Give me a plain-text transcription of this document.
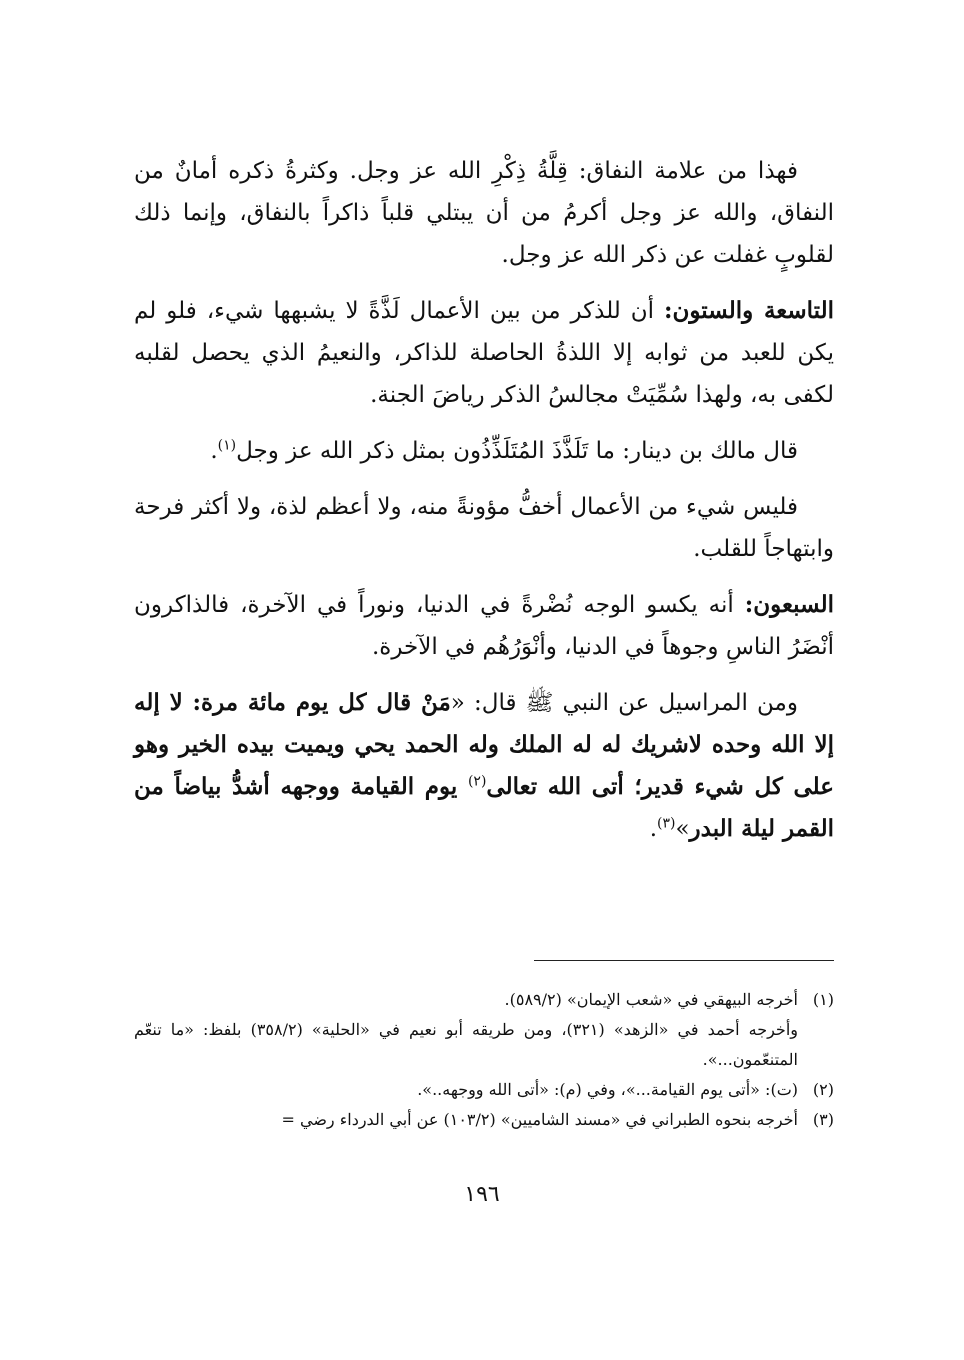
فهذا من علامة النفاق: قِلَّةُ ذِكْرِ الله عز وجل. وكثرةُ ذكره أمانٌ من النفاق، والله عز وجل أكرمُ من أن يبتلي قلباً ذاكراً بالنفاق، وإنما ذلك لقلوبٍ غفلت عن ذكر الله عز وجل.

التاسعة والستون: أن للذكر من بين الأعمال لَذَّةً لا يشبهها شيء، فلو لم يكن للعبد من ثوابه إلا اللذةُ الحاصلة للذاكر، والنعيمُ الذي يحصل لقلبه لكفى به، ولهذا سُمِّيَتْ مجالسُ الذكر رياضَ الجنة.

قال مالك بن دينار: ما تَلَذَّذَ المُتَلَذِّذُون بمثل ذكر الله عز وجل$^{(١)}$.

فليس شيء من الأعمال أخفُّ مؤونةً منه، ولا أعظم لذة، ولا أكثر فرحة وابتهاجاً للقلب.

السبعون: أنه يكسو الوجه نُضْرةً في الدنيا، ونوراً في الآخرة، فالذاكرون أنْضَرُ الناسِ وجوهاً في الدنيا، وأنْوَرُهُم في الآخرة.

ومن المراسيل عن النبي ﷺ قال: «مَنْ قال كل يوم مائة مرة: لا إله إلا الله وحده لاشريك له له الملك وله الحمد يحي ويميت بيده الخير وهو على كل شيء قدير؛ أتى الله تعالى$^{(٢)}$ يوم القيامة ووجهه أشدُّ بياضاً من القمر ليلة البدر»$^{(٣)}$.

(١)أخرجه البيهقي في «شعب الإيمان» (٥٨٩/٢).

وأخرجه أحمد في «الزهد» (٣٢١)، ومن طريقه أبو نعيم في «الحلية» (٣٥٨/٢) بلفظ: «ما تنعّم المتنعّمون...».

(٢)(ت): «أتى يوم القيامة...»، وفي (م): «أتى الله ووجهه..».

(٣)أخرجه بنحوه الطبراني في «مسند الشاميين» (١٠٣/٢) عن أبي الدرداء رضي =

١٩٦
